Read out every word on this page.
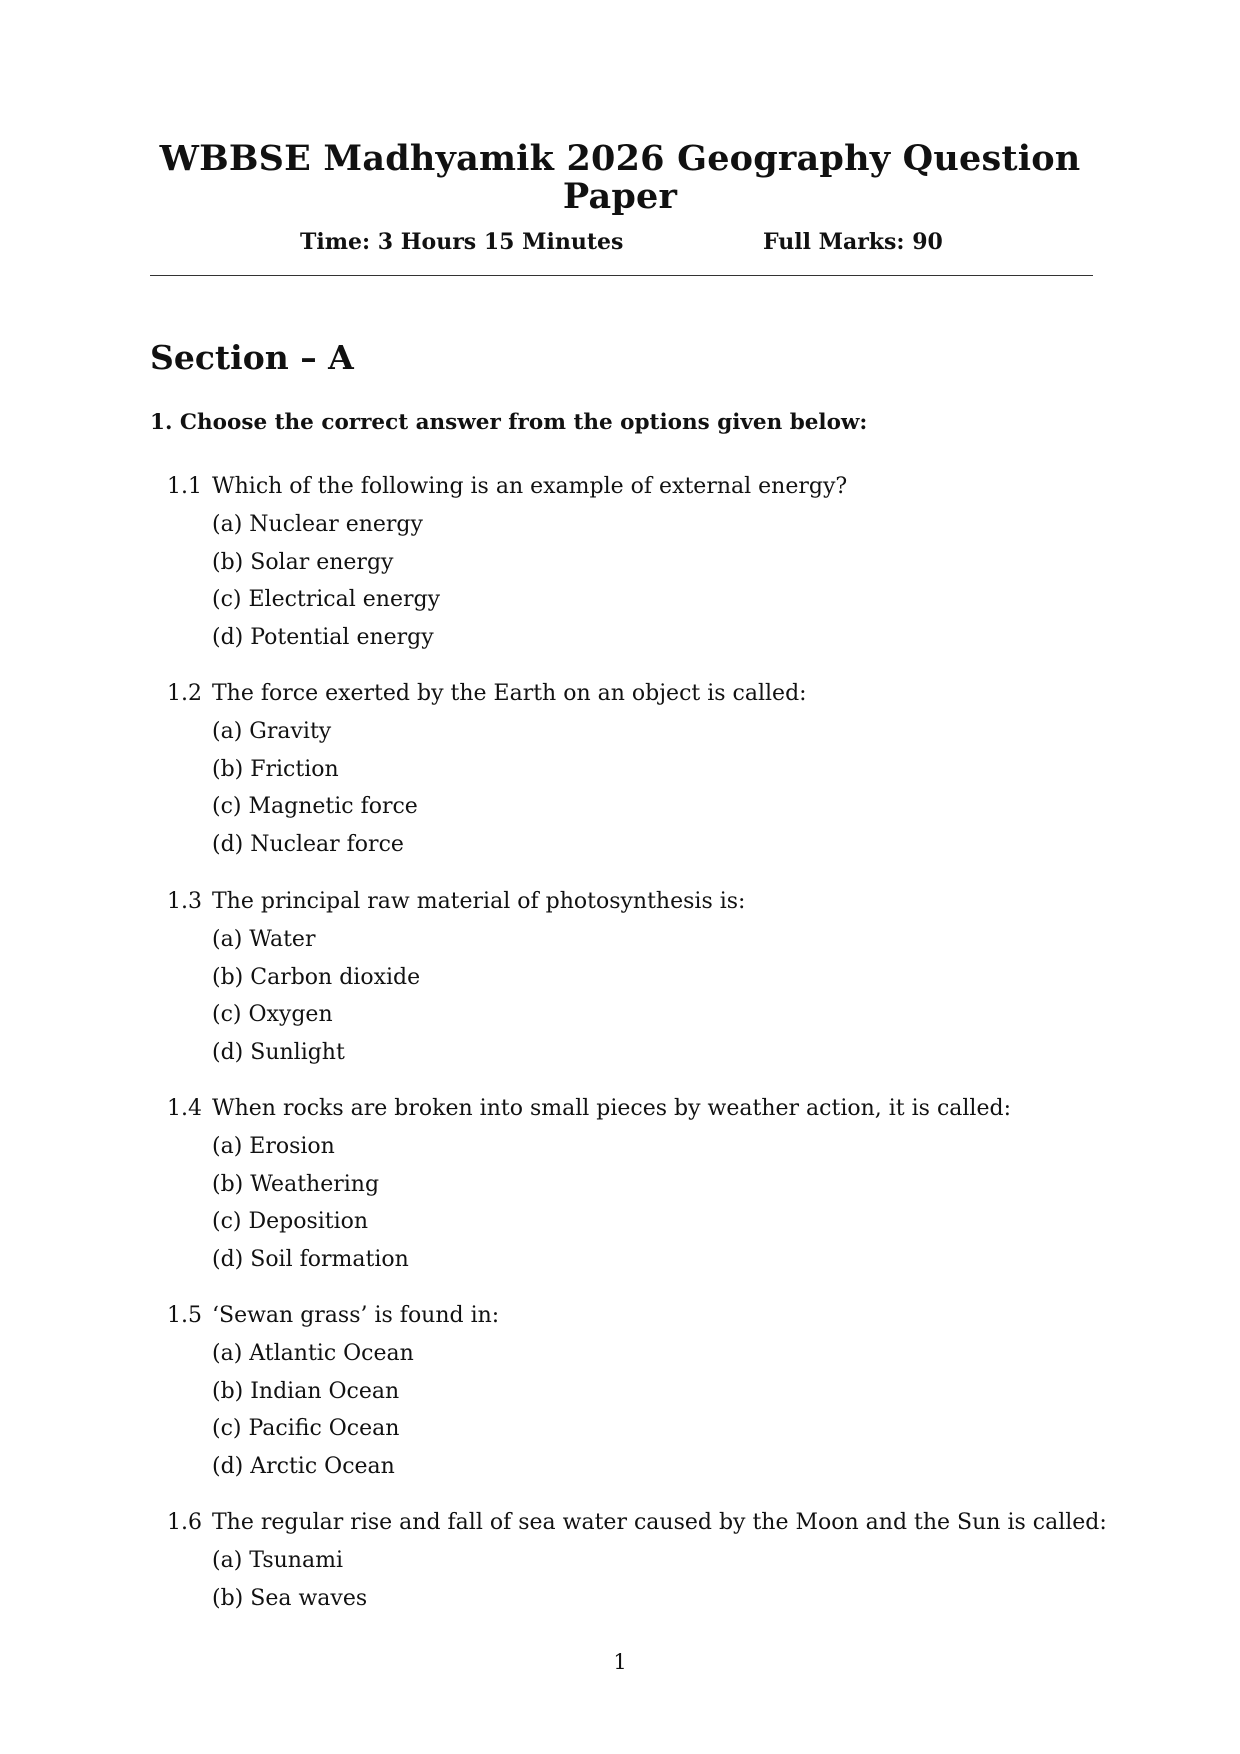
WBBSE Madhyamik 2026 Geography Question
Paper
Time: 3 Hours 15 Minutes	Full Marks: 90
Section – A
1. Choose the correct answer from the options given below:
1.1 Which of the following is an example of external energy?
(a) Nuclear energy
(b) Solar energy
(c) Electrical energy
(d) Potential energy
1.2 The force exerted by the Earth on an object is called:
(a) Gravity
(b) Friction
(c) Magnetic force
(d) Nuclear force
1.3 The principal raw material of photosynthesis is:
(a) Water
(b) Carbon dioxide
(c) Oxygen
(d) Sunlight
1.4 When rocks are broken into small pieces by weather action, it is called:
(a) Erosion
(b) Weathering
(c) Deposition
(d) Soil formation
1.5 ‘Sewan grass’ is found in:
(a) Atlantic Ocean
(b) Indian Ocean
(c) Pacific Ocean
(d) Arctic Ocean
1.6 The regular rise and fall of sea water caused by the Moon and the Sun is called:
(a) Tsunami
(b) Sea waves
1
